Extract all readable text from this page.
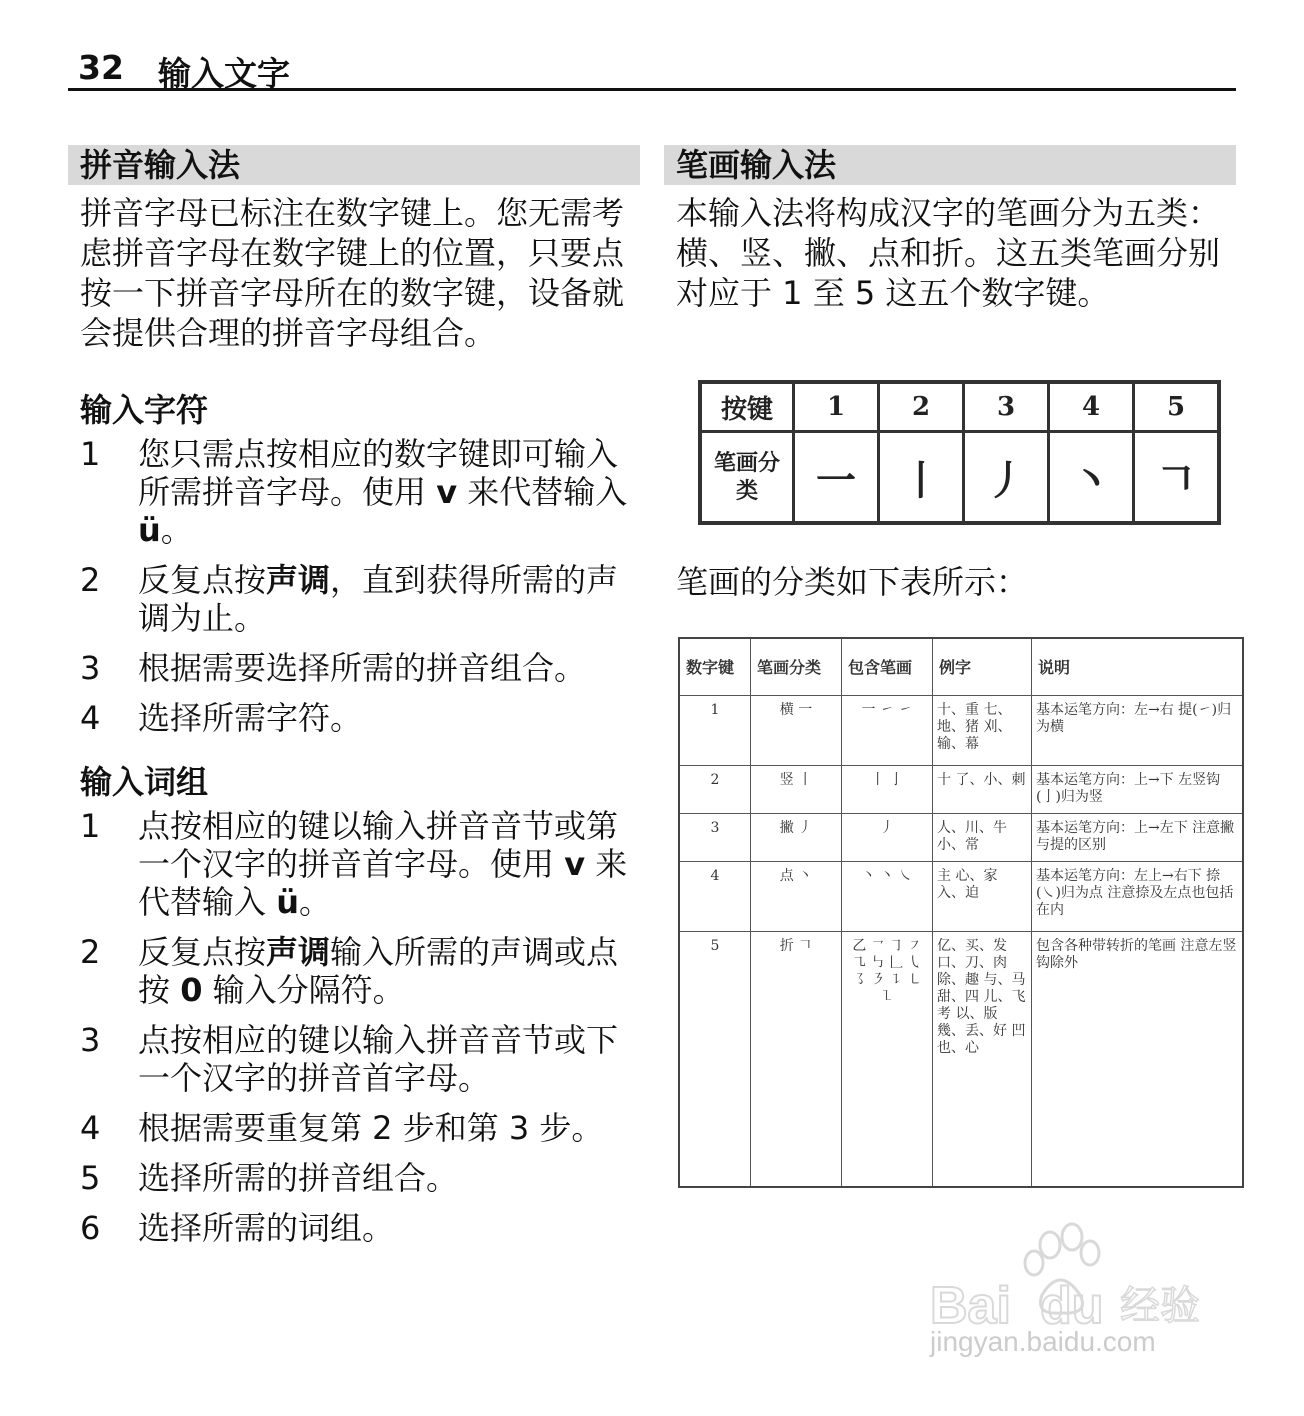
32 输入文字
拼音输入法
拼音字母已标注在数字键上。您无需考虑拼音字母在数字键上的位置，只要点按一下拼音字母所在的数字键，设备就会提供合理的拼音字母组合。
输入字符
1 您只需点按相应的数字键即可输入所需拼音字母。使用 v 来代替输入 ü。
2 反复点按声调，直到获得所需的声调为止。
3 根据需要选择所需的拼音组合。
4 选择所需字符。
输入词组
1 点按相应的键以输入拼音音节或第一个汉字的拼音首字母。使用 v 来代替输入 ü。
2 反复点按声调输入所需的声调或点按 0 输入分隔符。
3 点按相应的键以输入拼音音节或下一个汉字的拼音首字母。
4 根据需要重复第 2 步和第 3 步。
5 选择所需的拼音组合。
6 选择所需的词组。
笔画输入法
本输入法将构成汉字的笔画分为五类：横、竖、撇、点和折。这五类笔画分别对应于 1 至 5 这五个数字键。
按键	1	2	3	4	5
笔画分类	一	丨	丿	丶	𠃍
笔画的分类如下表所示：
数字键	笔画分类	包含笔画	例字	说明
1	横 一	一 ㇀ ㇀	十、重 七、地、猪 刈、输、幕	基本运笔方向：左→右 提(㇀)归为横
2	竖 丨	丨 亅	十 了、小、刺	基本运笔方向：上→下 左竖钩(亅)归为竖
3	撇 丿	丿	人、川、牛 小、常	基本运笔方向：上→左下 注意撇与提的区别
4	点 丶	丶 丶 ㇏	主 心、家 入、迫	基本运笔方向：左上→右下 捺(㇏)归为点 注意捺及左点也包括在内
5	折 𠃍	乙 ㇖ ㇆ ㇇ ㇈ ㇉ 𠃊 ㇂ ㇌ ㇋ ㇊ ㇄ ㇅	亿、买、发 口、刀、肉 除、趣 与、马 甜、四 儿、飞 考 以、版 幾、丢、好 凹 也、心	包含各种带转折的笔画 注意左竖钩除外
Bai du 经验
jingyan.baidu.com
